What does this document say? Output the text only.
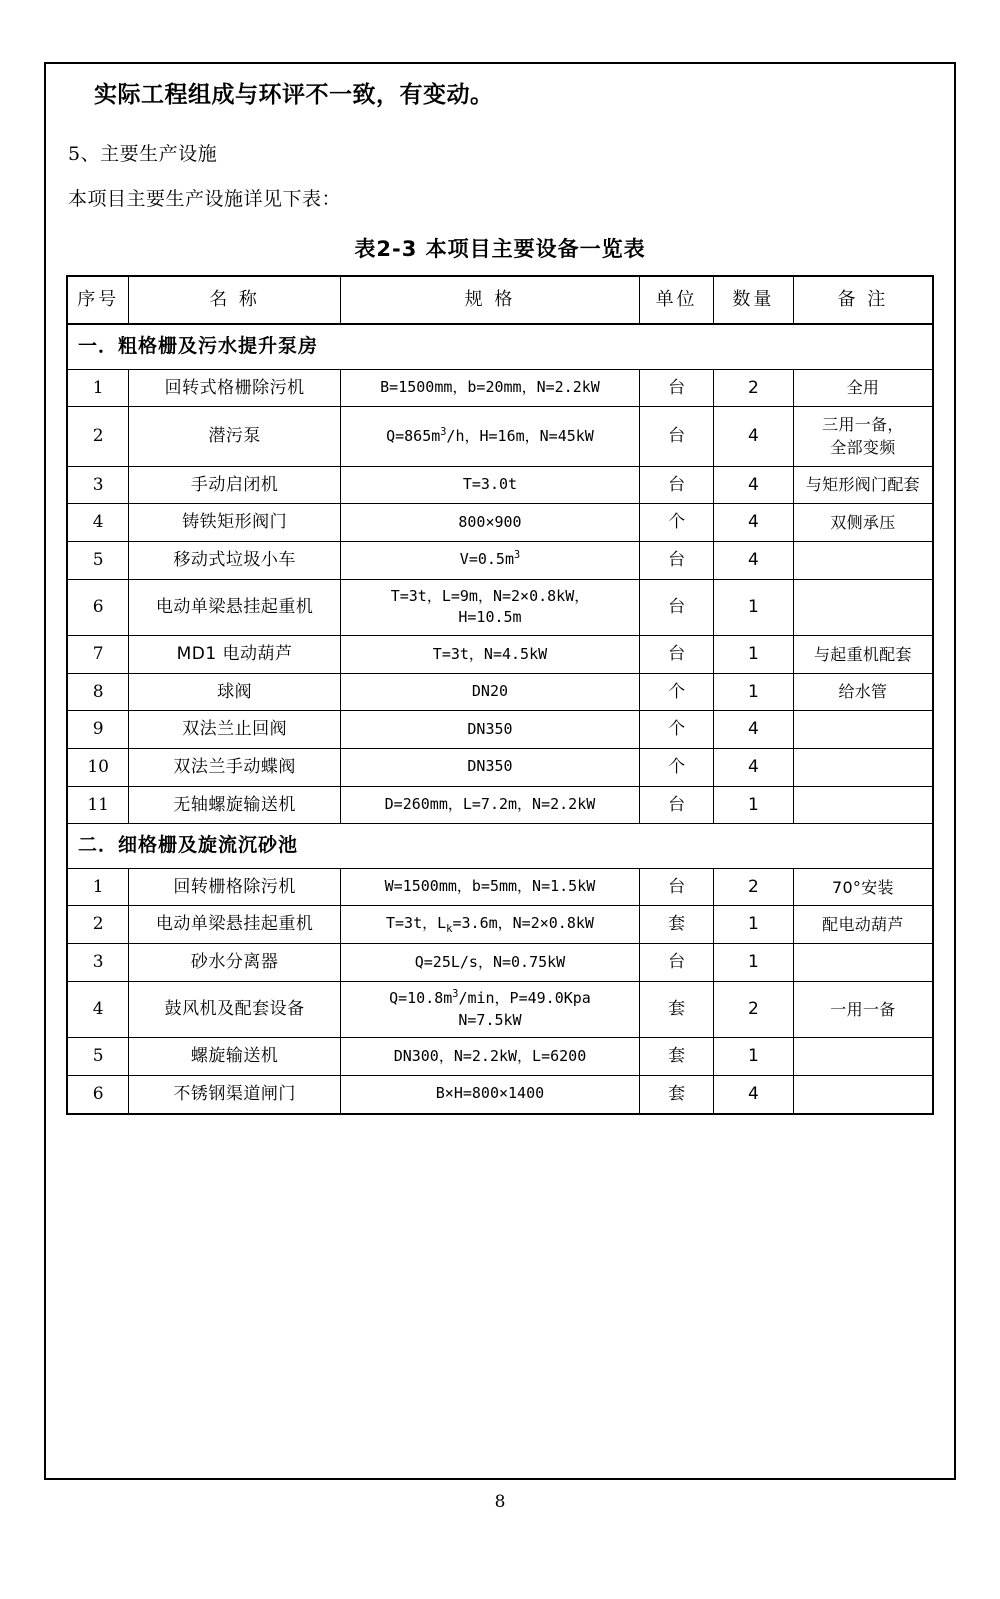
实际工程组成与环评不一致，有变动。
5、主要生产设施
本项目主要生产设施详见下表：
表2-3 本项目主要设备一览表
序号	名 称	规 格	单位	数量	备 注
一．粗格栅及污水提升泵房					
1	回转式格栅除污机	B=1500mm，b=20mm，N=2.2kW	台	2	全用
2	潜污泵	$Q=865m^3/h$，H=16m，N=45kW	台	4	三用一备，
全部变频
3	手动启闭机	T=3.0t	台	4	与矩形阀门配套
4	铸铁矩形阀门	800×900	个	4	双侧承压
5	移动式垃圾小车	$V=0.5m^3$	台	4	
6	电动单梁悬挂起重机	T=3t，L=9m，N=2×0.8kW，
H=10.5m	台	1	
7	MD1 电动葫芦	T=3t，N=4.5kW	台	1	与起重机配套
8	球阀	DN20	个	1	给水管
9	双法兰止回阀	DN350	个	4	
10	双法兰手动蝶阀	DN350	个	4	
11	无轴螺旋输送机	D=260mm，L=7.2m，N=2.2kW	台	1	
二．细格栅及旋流沉砂池					
1	回转栅格除污机	W=1500mm，b=5mm，N=1.5kW	台	2	70°安装
2	电动单梁悬挂起重机	T=3t，$L_k=3.6m$，N=2×0.8kW	套	1	配电动葫芦
3	砂水分离器	Q=25L/s，N=0.75kW	台	1	
4	鼓风机及配套设备	$Q=10.8m^3/\min$，P=49.0Kpa
N=7.5kW	套	2	一用一备
5	螺旋输送机	DN300，N=2.2kW，L=6200	套	1	
6	不锈钢渠道闸门	B×H=800×1400	套	4	
8
